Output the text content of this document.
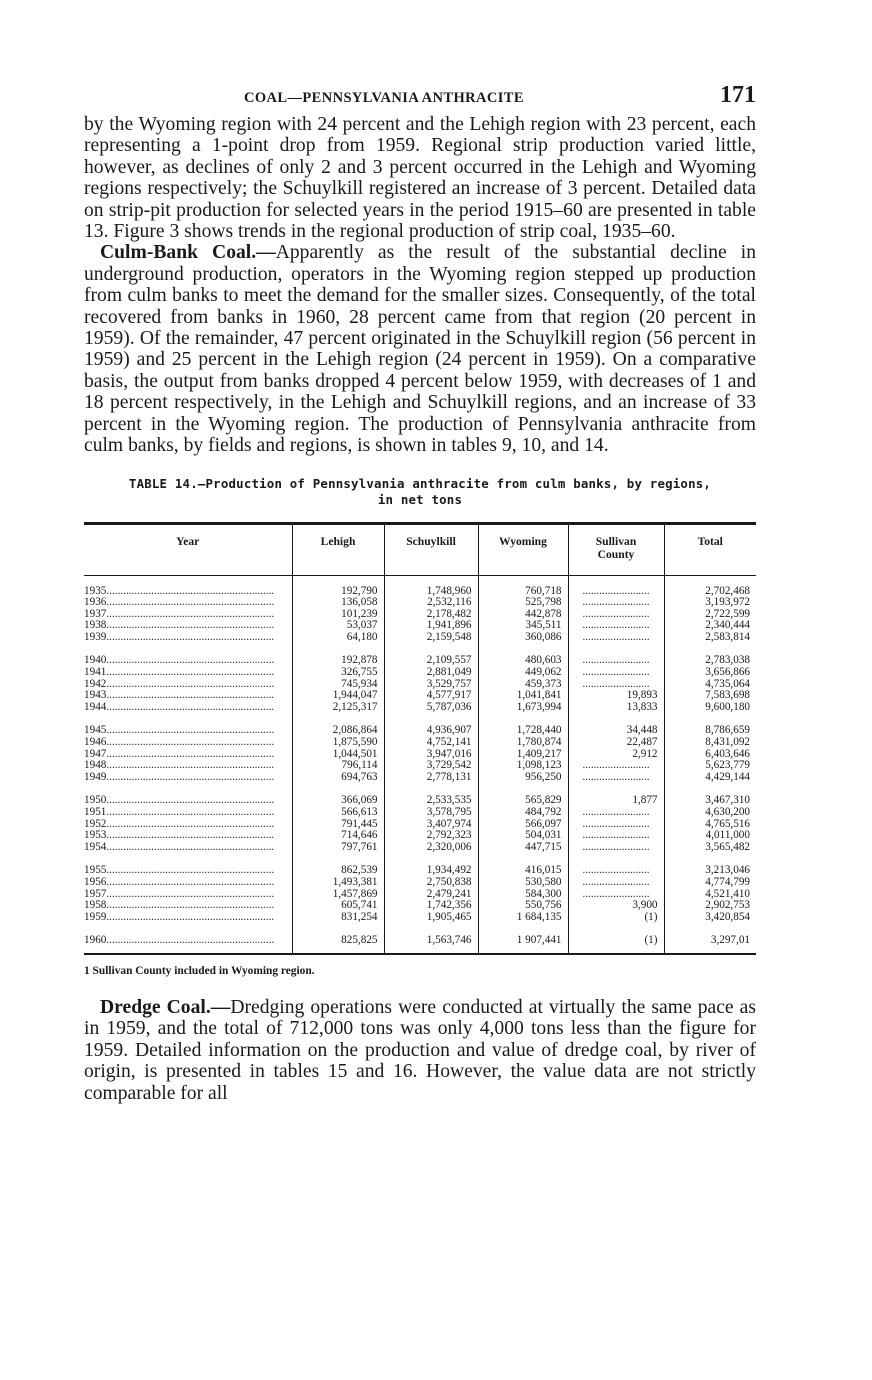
COAL—PENNSYLVANIA ANTHRACITE	171

by the Wyoming region with 24 percent and the Lehigh region with 23 percent, each representing a 1-point drop from 1959. Regional strip production varied little, however, as declines of only 2 and 3 percent occurred in the Lehigh and Wyoming regions respectively; the Schuylkill registered an increase of 3 percent. Detailed data on strip-pit production for selected years in the period 1915–60 are presented in table 13. Figure 3 shows trends in the regional production of strip coal, 1935–60.

Culm-Bank Coal.—Apparently as the result of the substantial decline in underground production, operators in the Wyoming region stepped up production from culm banks to meet the demand for the smaller sizes. Consequently, of the total recovered from banks in 1960, 28 percent came from that region (20 percent in 1959). Of the remainder, 47 percent originated in the Schuylkill region (56 percent in 1959) and 25 percent in the Lehigh region (24 percent in 1959). On a comparative basis, the output from banks dropped 4 percent below 1959, with decreases of 1 and 18 percent respectively, in the Lehigh and Schuylkill regions, and an increase of 33 percent in the Wyoming region. The production of Pennsylvania anthracite from culm banks, by fields and regions, is shown in tables 9, 10, and 14.

TABLE 14.—Production of Pennsylvania anthracite from culm banks, by regions,
in net tons
Year	Lehigh	Schuylkill	Wyoming	Sullivan County	Total
1935............................................................	192,790	1,748,960	760,718	........................	2,702,468
1936............................................................	136,058	2,532,116	525,798	........................	3,193,972
1937............................................................	101,239	2,178,482	442,878	........................	2,722,599
1938............................................................	53,037	1,941,896	345,511	........................	2,340,444
1939............................................................	64,180	2,159,548	360,086	........................	2,583,814
1940............................................................	192,878	2,109,557	480,603	........................	2,783,038
1941............................................................	326,755	2,881,049	449,062	........................	3,656,866
1942............................................................	745,934	3,529,757	459,373	........................	4,735,064
1943............................................................	1,944,047	4,577,917	1,041,841	19,893	7,583,698
1944............................................................	2,125,317	5,787,036	1,673,994	13,833	9,600,180
1945............................................................	2,086,864	4,936,907	1,728,440	34,448	8,786,659
1946............................................................	1,875,590	4,752,141	1,780,874	22,487	8,431,092
1947............................................................	1,044,501	3,947,016	1,409,217	2,912	6,403,646
1948............................................................	796,114	3,729,542	1,098,123	........................	5,623,779
1949............................................................	694,763	2,778,131	956,250	........................	4,429,144
1950............................................................	366,069	2,533,535	565,829	1,877	3,467,310
1951............................................................	566,613	3,578,795	484,792	........................	4,630,200
1952............................................................	791,445	3,407,974	566,097	........................	4,765,516
1953............................................................	714,646	2,792,323	504,031	........................	4,011,000
1954............................................................	797,761	2,320,006	447,715	........................	3,565,482
1955............................................................	862,539	1,934,492	416,015	........................	3,213,046
1956............................................................	1,493,381	2,750,838	530,580	........................	4,774,799
1957............................................................	1,457,869	2,479,241	584,300	........................	4,521,410
1958............................................................	605,741	1,742,356	550,756	3,900	2,902,753
1959............................................................	831,254	1,905,465	1 684,135	(1)	3,420,854
1960............................................................	825,825	1,563,746	1 907,441	(1)	3,297,01

1 Sullivan County included in Wyoming region.

Dredge Coal.—Dredging operations were conducted at virtually the same pace as in 1959, and the total of 712,000 tons was only 4,000 tons less than the figure for 1959. Detailed information on the production and value of dredge coal, by river of origin, is presented in tables 15 and 16. However, the value data are not strictly comparable for all
